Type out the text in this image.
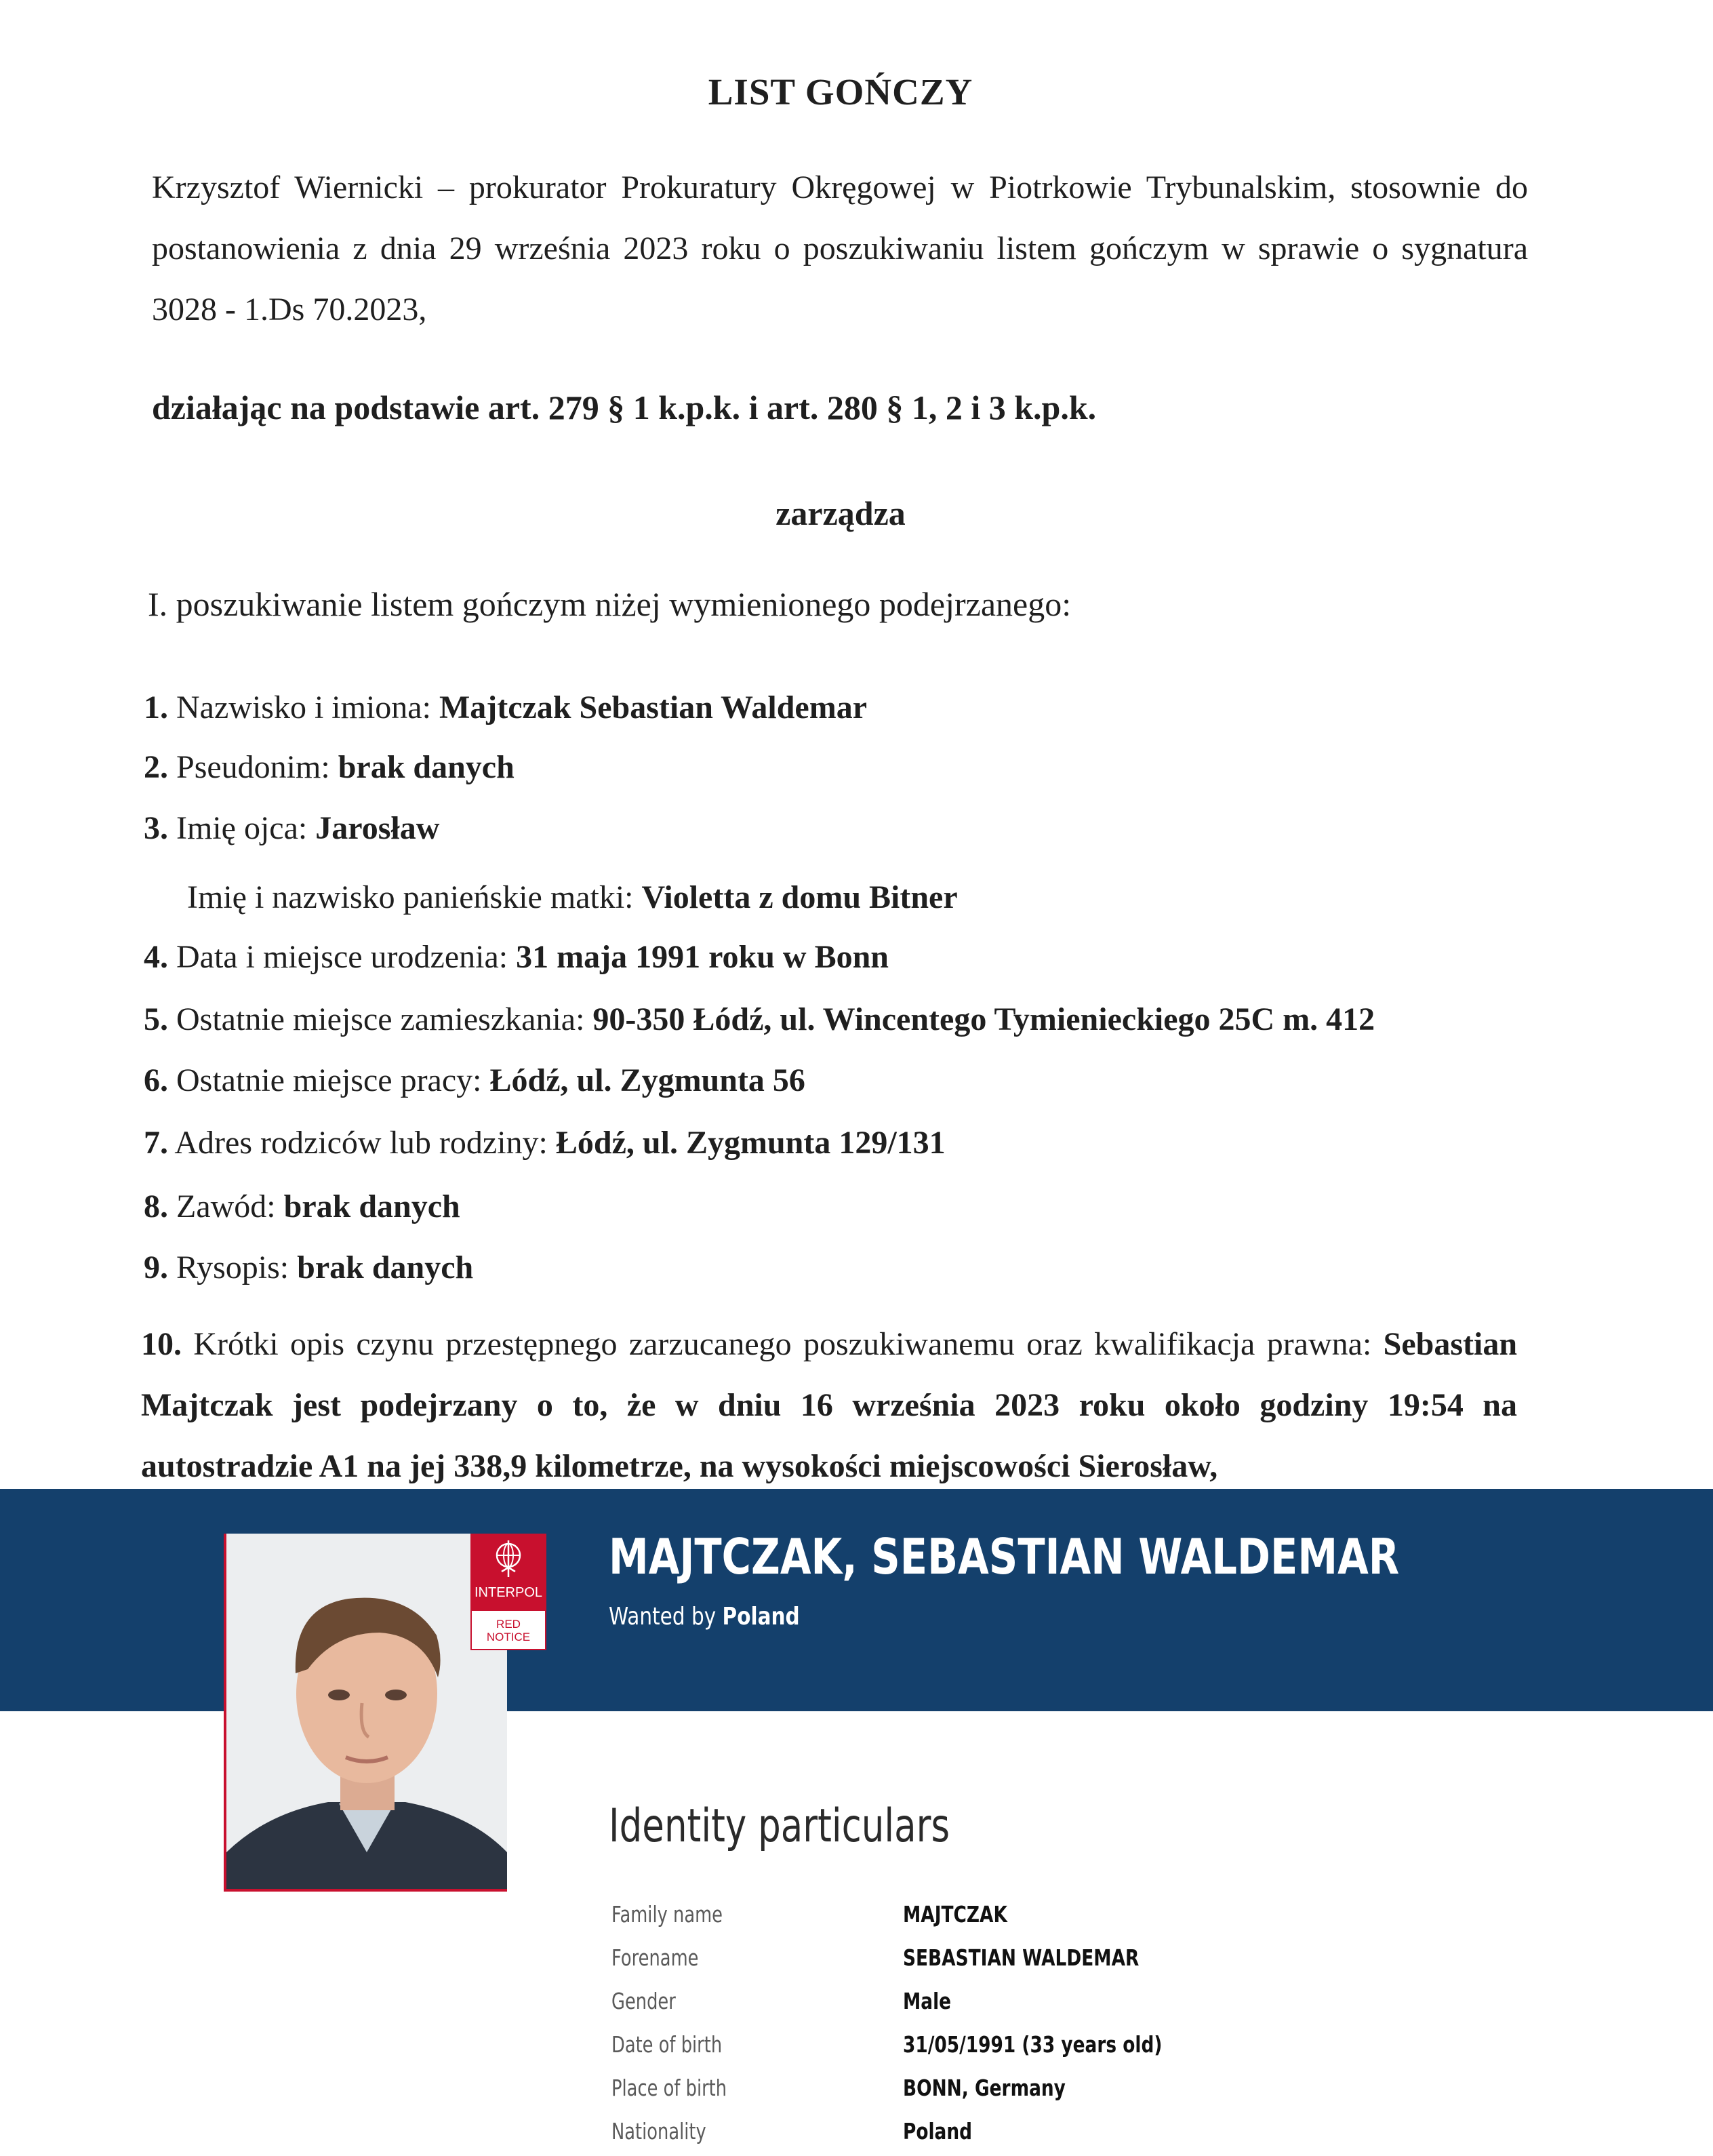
LIST GOŃCZY
Krzysztof Wiernicki – prokurator Prokuratury Okręgowej w Piotrkowie Trybunalskim, stosownie do postanowienia z dnia 29 września 2023 roku o poszukiwaniu listem gończym w sprawie o sygnatura 3028 - 1.Ds 70.2023,
działając na podstawie art. 279 § 1 k.p.k. i art. 280 § 1, 2 i 3 k.p.k.
zarządza
I. poszukiwanie listem gończym niżej wymienionego podejrzanego:
1. Nazwisko i imiona: Majtczak Sebastian Waldemar
2. Pseudonim: brak danych
3. Imię ojca: Jarosław
Imię i nazwisko panieńskie matki: Violetta z domu Bitner
4. Data i miejsce urodzenia: 31 maja 1991 roku w Bonn
5. Ostatnie miejsce zamieszkania: 90-350 Łódź, ul. Wincentego Tymienieckiego 25C m. 412
6. Ostatnie miejsce pracy: Łódź, ul. Zygmunta 56
7. Adres rodziców lub rodziny: Łódź, ul. Zygmunta 129/131
8. Zawód: brak danych
9. Rysopis: brak danych
10. Krótki opis czynu przestępnego zarzucanego poszukiwanemu oraz kwalifikacja prawna: Sebastian Majtczak jest podejrzany o to, że w dniu 16 września 2023 roku około godziny 19:54 na autostradzie A1 na jej 338,9 kilometrze, na wysokości miejscowości Sierosław,
INTERPOL
RED
NOTICE
MAJTCZAK, SEBASTIAN WALDEMAR
Wanted by Poland
Identity particulars
Family name	MAJTCZAK
Forename	SEBASTIAN WALDEMAR
Gender	Male
Date of birth	31/05/1991 (33 years old)
Place of birth	BONN, Germany
Nationality	Poland
